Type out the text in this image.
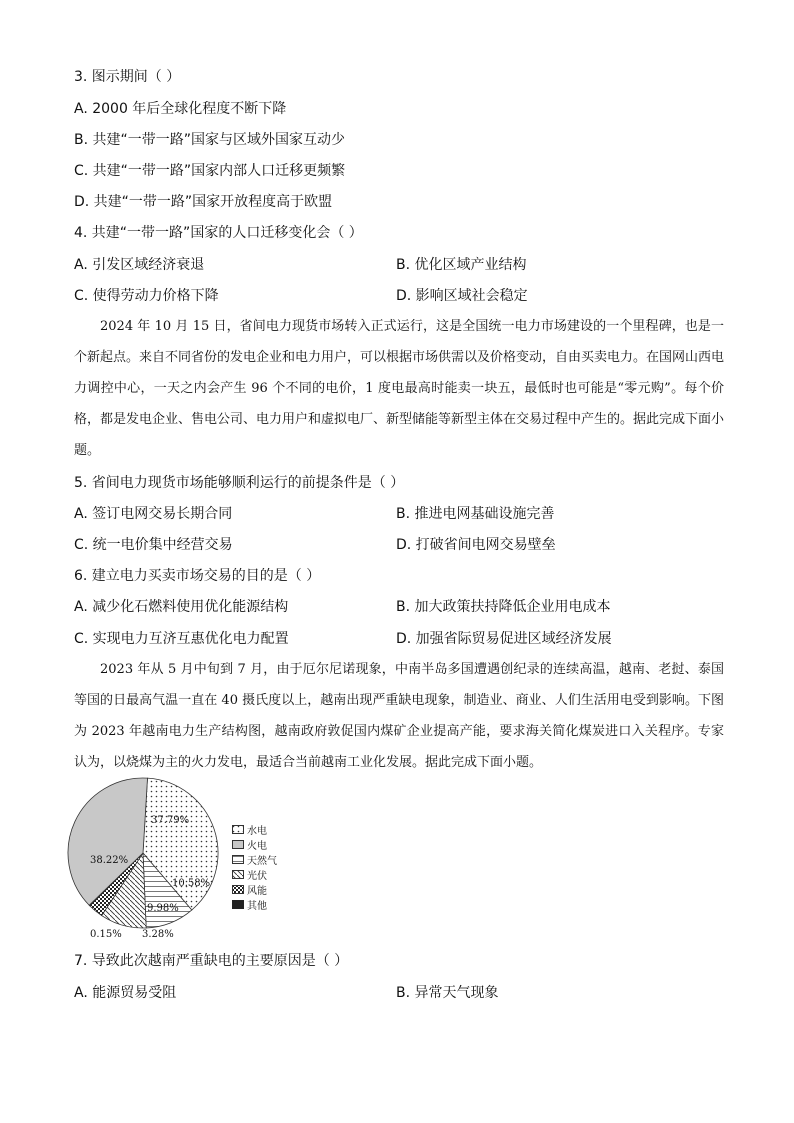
3. 图示期间（ ）
A. 2000 年后全球化程度不断下降
B. 共建“一带一路”国家与区域外国家互动少
C. 共建“一带一路”国家内部人口迁移更频繁
D. 共建“一带一路”国家开放程度高于欧盟
4. 共建“一带一路”国家的人口迁移变化会（ ）
A. 引发区域经济衰退	B. 优化区域产业结构
C. 使得劳动力价格下降	D. 影响区域社会稳定

2024 年 10 月 15 日，省间电力现货市场转入正式运行，这是全国统一电力市场建设的一个里程碑，也是一个新起点。来自不同省份的发电企业和电力用户，可以根据市场供需以及价格变动，自由买卖电力。在国网山西电力调控中心，一天之内会产生 96 个不同的电价，1 度电最高时能卖一块五，最低时也可能是“零元购”。每个价格，都是发电企业、售电公司、电力用户和虚拟电厂、新型储能等新型主体在交易过程中产生的。据此完成下面小题。

5. 省间电力现货市场能够顺利运行的前提条件是（ ）
A. 签订电网交易长期合同	B. 推进电网基础设施完善
C. 统一电价集中经营交易	D. 打破省间电网交易壁垒
6. 建立电力买卖市场交易的目的是（ ）
A. 减少化石燃料使用优化能源结构	B. 加大政策扶持降低企业用电成本
C. 实现电力互济互惠优化电力配置	D. 加强省际贸易促进区域经济发展

2023 年从 5 月中旬到 7 月，由于厄尔尼诺现象，中南半岛多国遭遇创纪录的连续高温，越南、老挝、泰国等国的日最高气温一直在 40 摄氏度以上，越南出现严重缺电现象，制造业、商业、人们生活用电受到影响。下图为 2023 年越南电力生产结构图，越南政府敦促国内煤矿企业提高产能，要求海关简化煤炭进口入关程序。专家认为，以烧煤为主的火力发电，最适合当前越南工业化发展。据此完成下面小题。

37.79%
38.22%
10.58%
9.98%
3.28%
0.15%
水电
火电
天然气
光伏
风能
其他
7. 导致此次越南严重缺电的主要原因是（ ）
A. 能源贸易受阻	B. 异常天气现象
